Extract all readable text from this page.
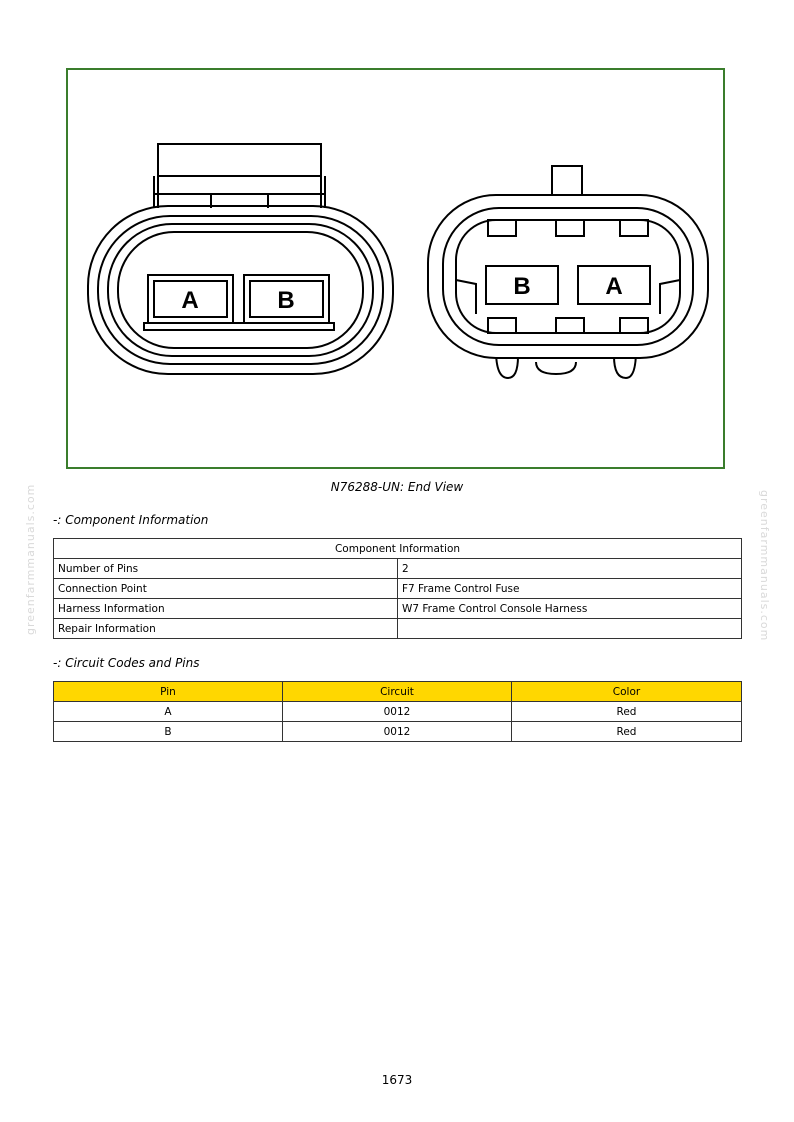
A	B
B	A
N76288-UN: End View
-: Component Information
Component Information	
Number of Pins	2
Connection Point	F7 Frame Control Fuse
Harness Information	W7 Frame Control Console Harness
Repair Information	
-: Circuit Codes and Pins
Pin	Circuit	Color
A	0012	Red
B	0012	Red
greenfarmmanuals.com	greenfarmmanuals.com
1673
